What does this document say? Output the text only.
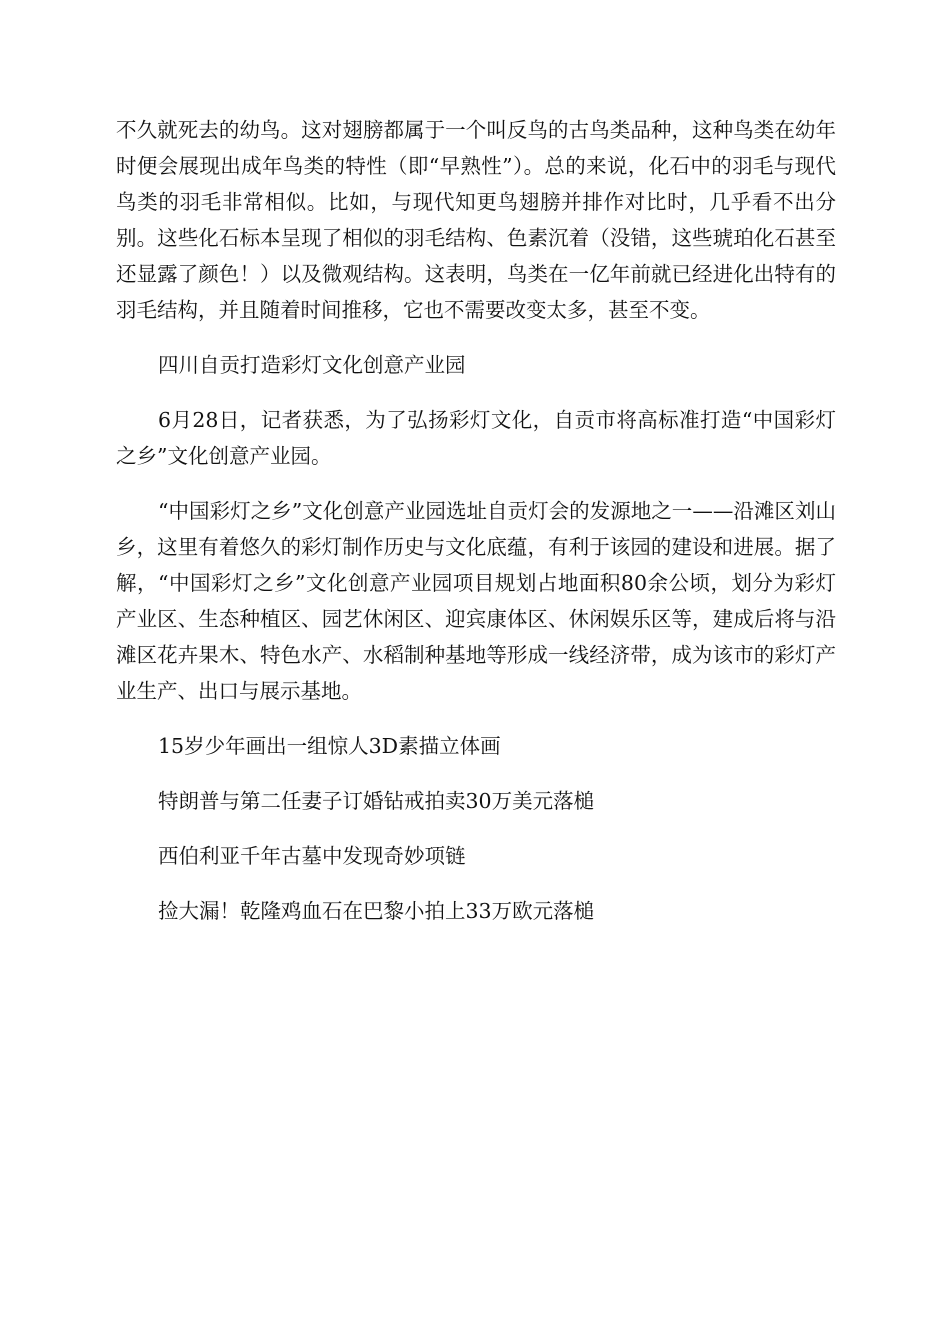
不久就死去的幼鸟。这对翅膀都属于一个叫反鸟的古鸟类品种，这种鸟类在幼年时便会展现出成年鸟类的特性（即“早熟性”）。总的来说，化石中的羽毛与现代鸟类的羽毛非常相似。比如，与现代知更鸟翅膀并排作对比时，几乎看不出分别。这些化石标本呈现了相似的羽毛结构、色素沉着（没错，这些琥珀化石甚至还显露了颜色！）以及微观结构。这表明，鸟类在一亿年前就已经进化出特有的羽毛结构，并且随着时间推移，它也不需要改变太多，甚至不变。

四川自贡打造彩灯文化创意产业园

6月28日，记者获悉，为了弘扬彩灯文化，自贡市将高标准打造“中国彩灯之乡”文化创意产业园。

“中国彩灯之乡”文化创意产业园选址自贡灯会的发源地之一——沿滩区刘山乡，这里有着悠久的彩灯制作历史与文化底蕴，有利于该园的建设和进展。据了解，“中国彩灯之乡”文化创意产业园项目规划占地面积80余公顷，划分为彩灯产业区、生态种植区、园艺休闲区、迎宾康体区、休闲娱乐区等，建成后将与沿滩区花卉果木、特色水产、水稻制种基地等形成一线经济带，成为该市的彩灯产业生产、出口与展示基地。

15岁少年画出一组惊人3D素描立体画

特朗普与第二任妻子订婚钻戒拍卖30万美元落槌

西伯利亚千年古墓中发现奇妙项链

捡大漏！乾隆鸡血石在巴黎小拍上33万欧元落槌
